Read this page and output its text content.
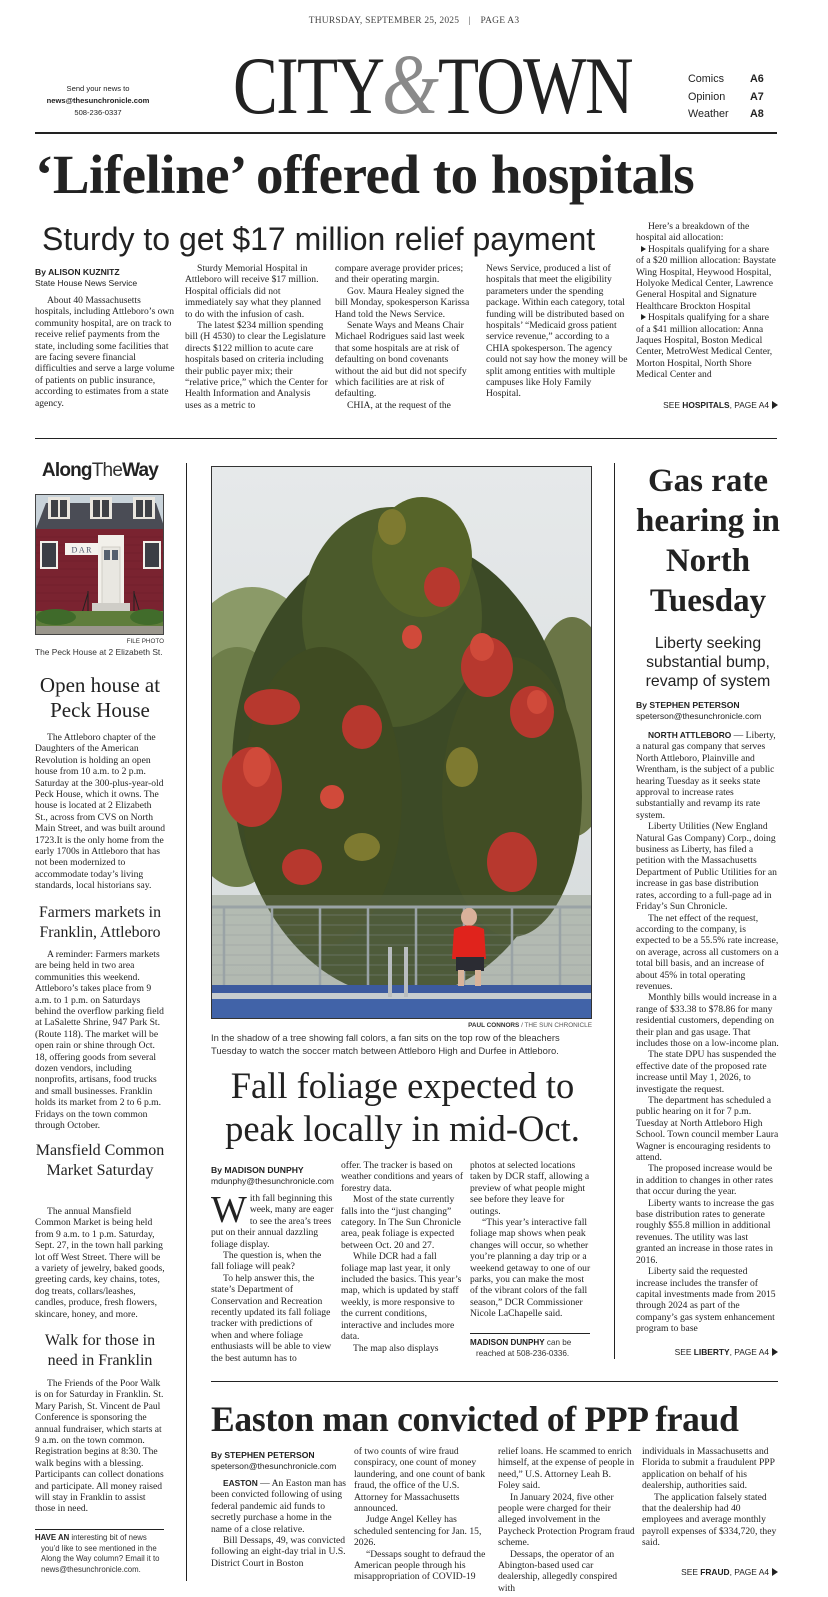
THURSDAY, SEPTEMBER 25, 2025 | PAGE A3
Send your news to
news@thesunchronicle.com
508-236-0337	CITY&TOWN	Comics	A6
Opinion	A7
Weather	A8
‘Lifeline’ offered to hospitals
Sturdy to get $17 million relief payment
By ALISON KUZNITZ
State House News Service

About 40 Massachusetts hospitals, including Attleboro’s own community hospital, are on track to receive relief payments from the state, including some facilities that are facing severe financial difficulties and serve a large volume of patients on public insurance, according to estimates from a state agency.

Sturdy Memorial Hospital in Attleboro will receive $17 million. Hospital officials did not immediately say what they planned to do with the infusion of cash.

The latest $234 million spending bill (H 4530) to clear the Legislature directs $122 million to acute care hospitals based on criteria including their public payer mix; their “relative price,” which the Center for Health Information and Analysis uses as a metric to

compare average provider prices; and their operating margin.

Gov. Maura Healey signed the bill Monday, spokesperson Karissa Hand told the News Service.

Senate Ways and Means Chair Michael Rodrigues said last week that some hospitals are at risk of defaulting on bond covenants without the aid but did not specify which facilities are at risk of defaulting.

CHIA, at the request of the

News Service, produced a list of hospitals that meet the eligibility parameters under the spending package. Within each category, total funding will be distributed based on hospitals’ “Medicaid gross patient service revenue,” according to a CHIA spokesperson. The agency could not say how the money will be split among entities with multiple campuses like Holy Family Hospital.

Here’s a breakdown of the hospital aid allocation:

Hospitals qualifying for a share of a $20 million allocation: Baystate Wing Hospital, Heywood Hospital, Holyoke Medical Center, Lawrence General Hospital and Signature Healthcare Brockton Hospital

Hospitals qualifying for a share of a $41 million allocation: Anna Jaques Hospital, Boston Medical Center, MetroWest Medical Center, Morton Hospital, North Shore Medical Center and

SEE HOSPITALS, PAGE A4
AlongTheWay
D A R
FILE PHOTO
The Peck House at 2 Elizabeth St.
Open house at Peck House

The Attleboro chapter of the Daughters of the American Revolution is holding an open house from 10 a.m. to 2 p.m. Saturday at the 300-plus-year-old Peck House, which it owns. The house is located at 2 Elizabeth St., across from CVS on North Main Street, and was built around 1723.It is the only home from the early 1700s in Attleboro that has not been modernized to accommodate today’s living standards, local historians say.

Farmers markets in Franklin, Attleboro

A reminder: Farmers markets are being held in two area communities this weekend. Attleboro’s takes place from 9 a.m. to 1 p.m. on Saturdays behind the overflow parking field at LaSalette Shrine, 947 Park St. (Route 118). The market will be open rain or shine through Oct. 18, offering goods from several dozen vendors, including nonprofits, artisans, food trucks and small businesses. Franklin holds its market from 2 to 6 p.m. Fridays on the town common through October.

Mansfield Common Market Saturday

The annual Mansfield Common Market is being held from 9 a.m. to 1 p.m. Saturday, Sept. 27, in the town hall parking lot off West Street. There will be a variety of jewelry, baked goods, greeting cards, key chains, totes, dog treats, collars/leashes, candles, produce, fresh flowers, skincare, honey, and more.

Walk for those in need in Franklin

The Friends of the Poor Walk is on for Saturday in Franklin. St. Mary Parish, St. Vincent de Paul Conference is sponsoring the annual fundraiser, which starts at 9 a.m. on the town common. Registration begins at 8:30. The walk begins with a blessing. Participants can collect donations and participate. All money raised will stay in Franklin to assist those in need.

HAVE AN interesting bit of news you’d like to see mentioned in the Along the Way column? Email it to news@thesunchronicle.com.
PAUL CONNORS / THE SUN CHRONICLE
In the shadow of a tree showing fall colors, a fan sits on the top row of the bleachers Tuesday to watch the soccer match between Attleboro High and Durfee in Attleboro.
Fall foliage expected to peak locally in mid-Oct.
By MADISON DUNPHY
mdunphy@thesunchronicle.com

With fall beginning this week, many are eager to see the area’s trees put on their annual dazzling foliage display.

The question is, when the fall foliage will peak?

To help answer this, the state’s Department of Conservation and Recreation recently updated its fall foliage tracker with predictions of when and where foliage enthusiasts will be able to view the best autumn has to

offer. The tracker is based on weather conditions and years of forestry data.

Most of the state currently falls into the “just changing” category. In The Sun Chronicle area, peak foliage is expected between Oct. 20 and 27.

While DCR had a fall foliage map last year, it only included the basics. This year’s map, which is updated by staff weekly, is more responsive to the current conditions, interactive and includes more data.

The map also displays

photos at selected locations taken by DCR staff, allowing a preview of what people might see before they leave for outings.

“This year’s interactive fall foliage map shows when peak changes will occur, so whether you’re planning a day trip or a weekend getaway to one of our parks, you can make the most of the vibrant colors of the fall season,” DCR Commissioner Nicole LaChapelle said.

MADISON DUNPHY can be reached at 508-236-0336.
Gas rate hearing in North Tuesday
Liberty seeking substantial bump, revamp of system
By STEPHEN PETERSON
speterson@thesunchronicle.com

NORTH ATTLEBORO — Liberty, a natural gas company that serves North Attleboro, Plainville and Wrentham, is the subject of a public hearing Tuesday as it seeks state approval to increase rates substantially and revamp its rate system.

Liberty Utilities (New England Natural Gas Company) Corp., doing business as Liberty, has filed a petition with the Massachusetts Department of Public Utilities for an increase in gas base distribution rates, according to a full-page ad in Friday’s Sun Chronicle.

The net effect of the request, according to the company, is expected to be a 55.5% rate increase, on average, across all customers on a total bill basis, and an increase of about 45% in total operating revenues.

Monthly bills would increase in a range of $33.38 to $78.86 for many residential customers, depending on their plan and gas usage. That includes those on a low-income plan.

The state DPU has suspended the effective date of the proposed rate increase until May 1, 2026, to investigate the request.

The department has scheduled a public hearing on it for 7 p.m. Tuesday at North Attleboro High School. Town council member Laura Wagner is encouraging residents to attend.

The proposed increase would be in addition to changes in other rates that occur during the year.

Liberty wants to increase the gas base distribution rates to generate roughly $55.8 million in additional revenues. The utility was last granted an increase in those rates in 2016.

Liberty said the requested increase includes the transfer of capital investments made from 2015 through 2024 as part of the company’s gas system enhancement program to base

SEE LIBERTY, PAGE A4
Easton man convicted of PPP fraud
By STEPHEN PETERSON
speterson@thesunchronicle.com

EASTON — An Easton man has been convicted following of using federal pandemic aid funds to secretly purchase a home in the name of a close relative.

Bill Dessaps, 49, was convicted following an eight-day trial in U.S. District Court in Boston

of two counts of wire fraud conspiracy, one count of money laundering, and one count of bank fraud, the office of the U.S. Attorney for Massachusetts announced.

Judge Angel Kelley has scheduled sentencing for Jan. 15, 2026.

“Dessaps sought to defraud the American people through his misappropriation of COVID-19

relief loans. He scammed to enrich himself, at the expense of people in need,” U.S. Attorney Leah B. Foley said.

In January 2024, five other people were charged for their alleged involvement in the Paycheck Protection Program fraud scheme.

Dessaps, the operator of an Abington-based used car dealership, allegedly conspired with

individuals in Massachusetts and Florida to submit a fraudulent PPP application on behalf of his dealership, authorities said.

The application falsely stated that the dealership had 40 employees and average monthly payroll expenses of $334,720, they said.

SEE FRAUD, PAGE A4
